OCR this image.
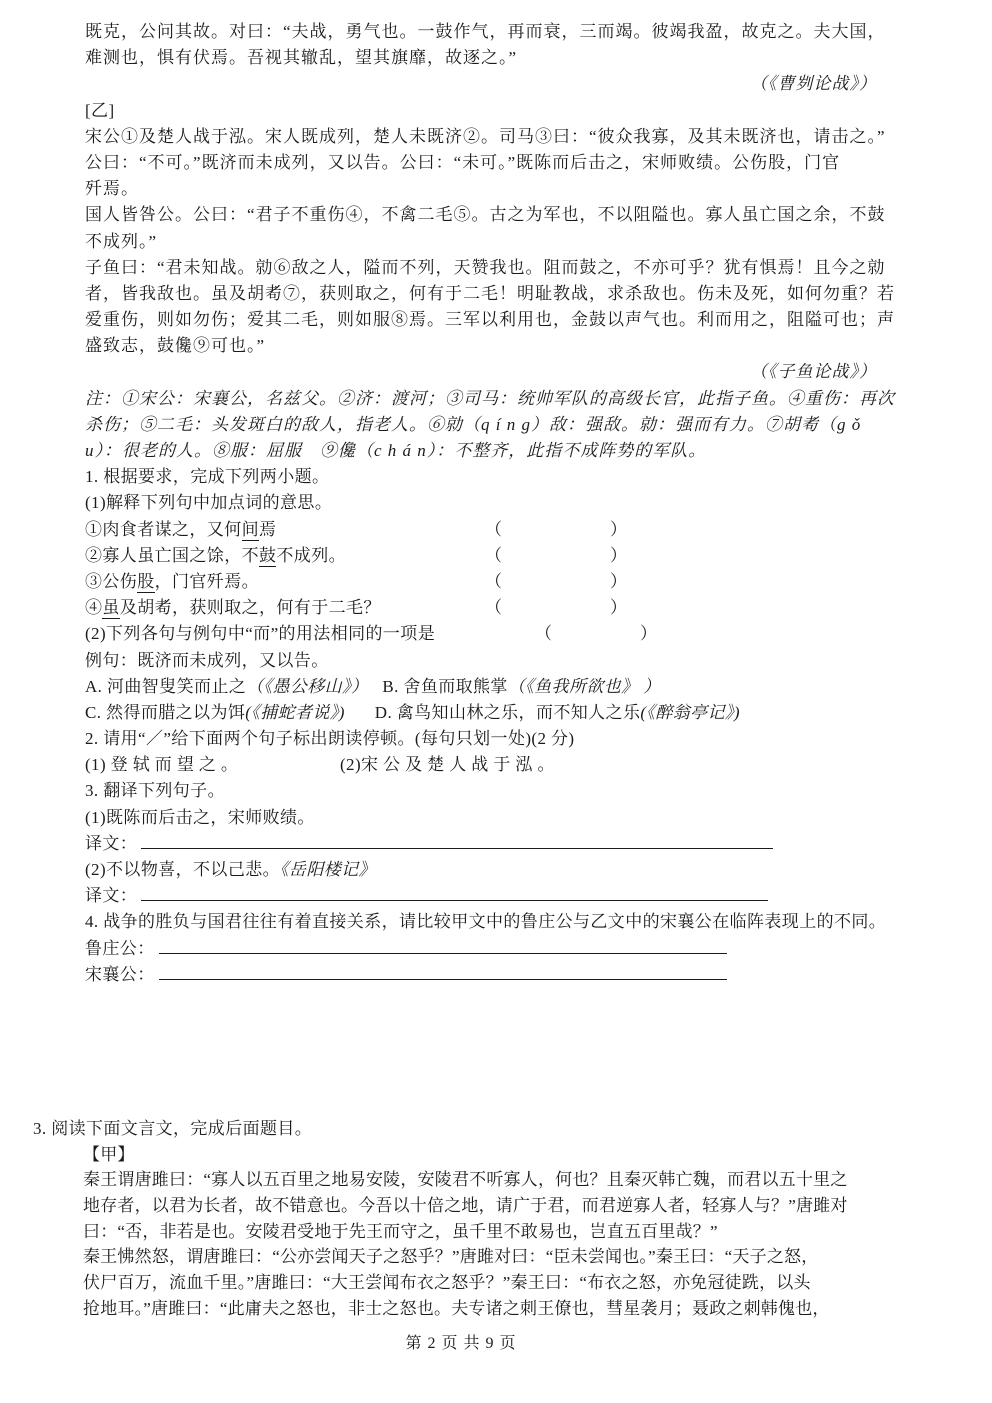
既克，公问其故。对曰：“夫战，勇气也。一鼓作气，再而衰，三而竭。彼竭我盈，故克之。夫大国，
难测也，惧有伏焉。吾视其辙乱，望其旗靡，故逐之。”
（《曹刿论战》）
[乙]
宋公①及楚人战于泓。宋人既成列，楚人未既济②。司马③曰：“彼众我寡，及其未既济也，请击之。”
公曰：“不可。”既济而未成列，又以告。公曰：“未可。”既陈而后击之，宋师败绩。公伤股，门官
歼焉。
国人皆咎公。公曰：“君子不重伤④，不禽二毛⑤。古之为军也，不以阻隘也。寡人虽亡国之余，不鼓
不成列。”
子鱼曰：“君未知战。勍⑥敌之人，隘而不列，天赞我也。阻而鼓之，不亦可乎？犹有惧焉！且今之勍
者，皆我敌也。虽及胡耇⑦，获则取之，何有于二毛！明耻教战，求杀敌也。伤未及死，如何勿重？若
爱重伤，则如勿伤；爱其二毛，则如服⑧焉。三军以利用也，金鼓以声气也。利而用之，阻隘可也；声
盛致志，鼓儳⑨可也。”
（《子鱼论战》）
注：①宋公：宋襄公，名兹父。②济：渡河；③司马：统帅军队的高级长官，此指子鱼。④重伤：再次
杀伤；⑤二毛：头发斑白的敌人，指老人。⑥勍（q í n g）敌：强敌。勍：强而有力。⑦胡耇（g ǒ
u）：很老的人。⑧服：屈服　⑨儳（c h á n）：不整齐，此指不成阵势的军队。
1. 根据要求，完成下列两小题。
(1)解释下列句中加点词的意思。
①肉食者谋之，又何间焉	（	）
②寡人虽亡国之馀，不鼓不成列。	（	）
③公伤股，门官歼焉。	（	）
④虽及胡耇，获则取之，何有于二毛？	（	）
(2)下列各句与例句中“而”的用法相同的一项是	（	）
例句：既济而未成列，又以告。
A. 河曲智叟笑而止之（《愚公移山》） B. 舍鱼而取熊掌（《鱼我所欲也》 ）
C. 然得而腊之以为饵(《捕蛇者说》) D. 禽鸟知山林之乐，而不知人之乐(《醉翁亭记》)
2. 请用“／”给下面两个句子标出朗读停顿。(每句只划一处)(2 分)
(1) 登 轼 而 望 之 。	(2)宋 公 及 楚 人 战 于 泓 。
3. 翻译下列句子。
(1)既陈而后击之，宋师败绩。
译文：
(2)不以物喜，不以己悲。《岳阳楼记》
译文：
4. 战争的胜负与国君往往有着直接关系，请比较甲文中的鲁庄公与乙文中的宋襄公在临阵表现上的不同。
鲁庄公：
宋襄公：
3. 阅读下面文言文，完成后面题目。
【甲】
秦王谓唐雎曰：“寡人以五百里之地易安陵，安陵君不听寡人，何也？且秦灭韩亡魏，而君以五十里之
地存者，以君为长者，故不错意也。今吾以十倍之地，请广于君，而君逆寡人者，轻寡人与？”唐雎对
曰：“否，非若是也。安陵君受地于先王而守之，虽千里不敢易也，岂直五百里哉？”
秦王怫然怒，谓唐雎曰：“公亦尝闻天子之怒乎？”唐雎对曰：“臣未尝闻也。”秦王曰：“天子之怒，
伏尸百万，流血千里。”唐雎曰：“大王尝闻布衣之怒乎？”秦王曰：“布衣之怒，亦免冠徒跣，以头
抢地耳。”唐雎曰：“此庸夫之怒也，非士之怒也。夫专诸之刺王僚也，彗星袭月；聂政之刺韩傀也，
第 2 页 共 9 页
